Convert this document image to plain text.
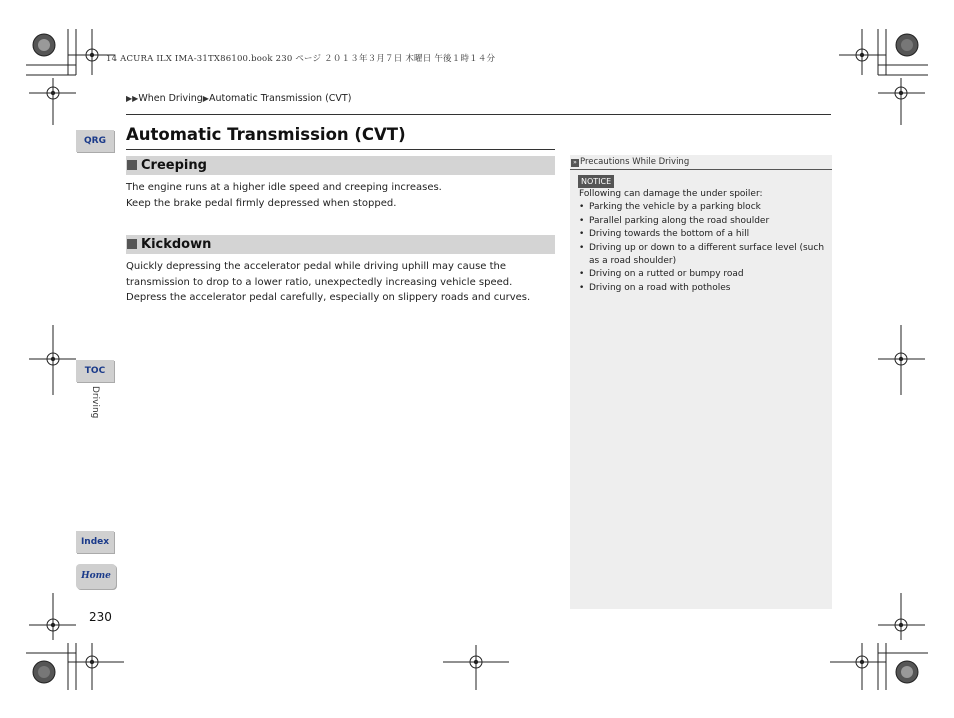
14 ACURA ILX IMA-31TX86100.book 230 ページ ２０１３年３月７日 木曜日 午後１時１４分
▶▶When Driving▶Automatic Transmission (CVT)
Automatic Transmission (CVT)
Creeping

The engine runs at a higher idle speed and creeping increases.

Keep the brake pedal firmly depressed when stopped.

Kickdown

Quickly depressing the accelerator pedal while driving uphill may cause the transmission to drop to a lower ratio, unexpectedly increasing vehicle speed.

Depress the accelerator pedal carefully, especially on slippery roads and curves.

» Precautions While Driving
NOTICE
Following can damage the under spoiler:
• Parking the vehicle by a parking block
• Parallel parking along the road shoulder
• Driving towards the bottom of a hill
• Driving up or down to a different surface level (such as a road shoulder)
• Driving on a rutted or bumpy road
• Driving on a road with potholes
QRG
TOC
Driving
Index
Home
230
